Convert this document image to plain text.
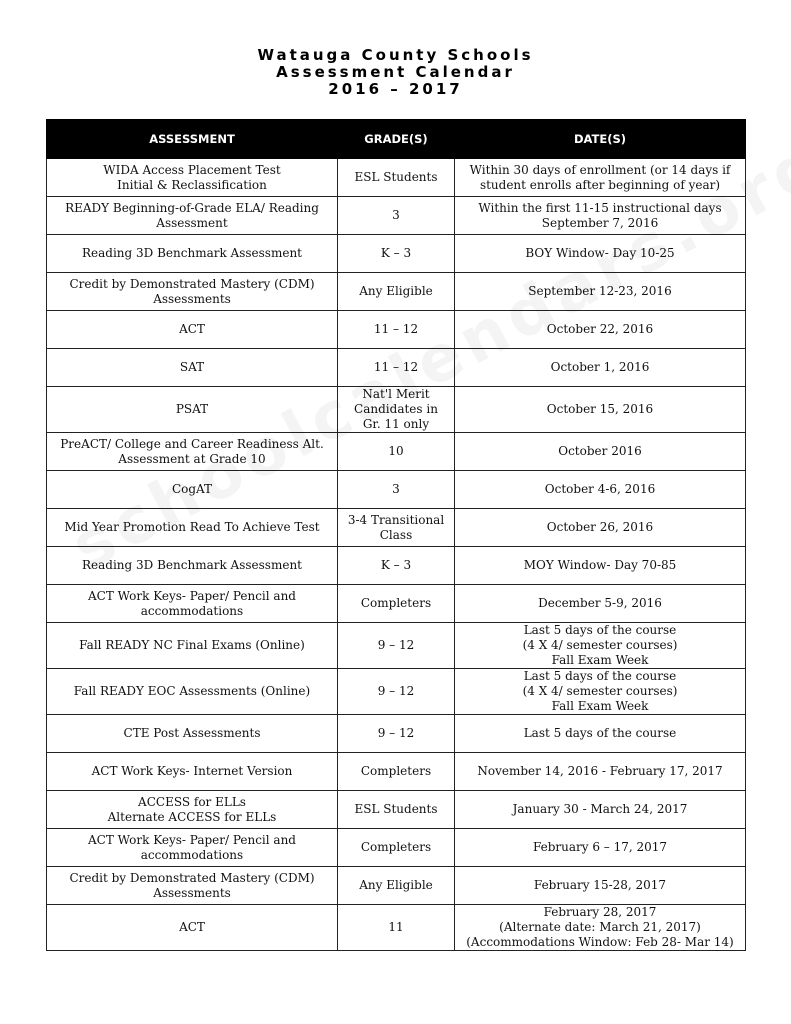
Watauga County Schools
Assessment Calendar
2016 – 2017
ASSESSMENT	GRADE(S)	DATE(S)
WIDA Access Placement Test
Initial & Reclassification	ESL Students	Within 30 days of enrollment (or 14 days if
student enrolls after beginning of year)
READY Beginning-of-Grade ELA/ Reading
Assessment	3	Within the first 11-15 instructional days
September 7, 2016
Reading 3D Benchmark Assessment	K – 3	BOY Window- Day 10-25
Credit by Demonstrated Mastery (CDM)
Assessments	Any Eligible	September 12-23, 2016
ACT	11 – 12	October 22, 2016
SAT	11 – 12	October 1, 2016
PSAT	Nat'l Merit
Candidates in
Gr. 11 only	October 15, 2016
PreACT/ College and Career Readiness Alt.
Assessment at Grade 10	10	October 2016
CogAT	3	October 4-6, 2016
Mid Year Promotion Read To Achieve Test	3-4 Transitional
Class	October 26, 2016
Reading 3D Benchmark Assessment	K – 3	MOY Window- Day 70-85
ACT Work Keys- Paper/ Pencil and
accommodations	Completers	December 5-9, 2016
Fall READY NC Final Exams (Online)	9 – 12	Last 5 days of the course
(4 X 4/ semester courses)
Fall Exam Week
Fall READY EOC Assessments (Online)	9 – 12	Last 5 days of the course
(4 X 4/ semester courses)
Fall Exam Week
CTE Post Assessments	9 – 12	Last 5 days of the course
ACT Work Keys- Internet Version	Completers	November 14, 2016 - February 17, 2017
ACCESS for ELLs
Alternate ACCESS for ELLs	ESL Students	January 30 - March 24, 2017
ACT Work Keys- Paper/ Pencil and
accommodations	Completers	February 6 – 17, 2017
Credit by Demonstrated Mastery (CDM)
Assessments	Any Eligible	February 15-28, 2017
ACT	11	February 28, 2017
(Alternate date: March 21, 2017)
(Accommodations Window: Feb 28- Mar 14)
